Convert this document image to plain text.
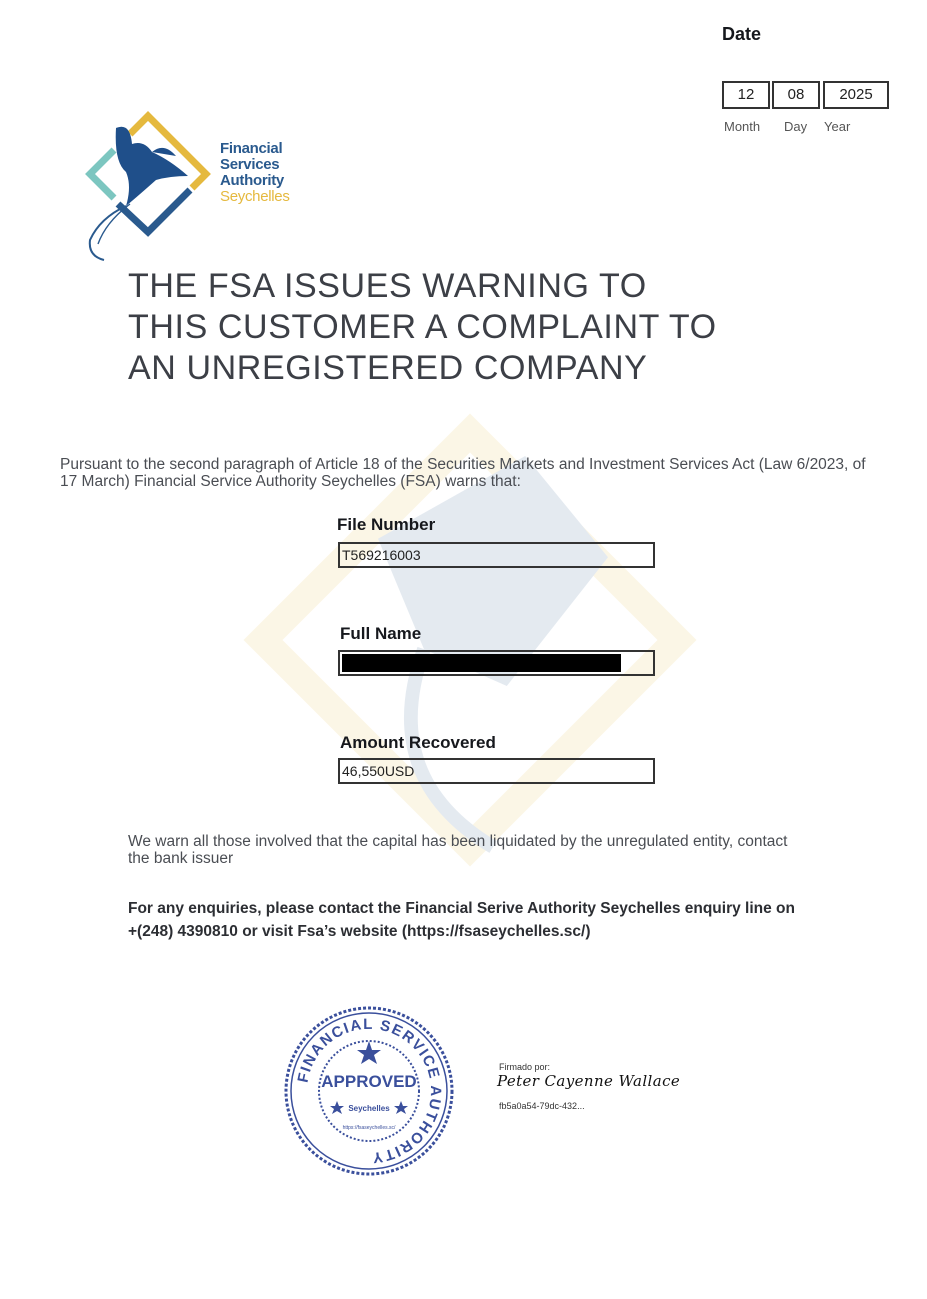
Date
12	08	2025
Month Day Year
Financial
Services
Authority
Seychelles
THE FSA ISSUES WARNING TO THIS CUSTOMER A COMPLAINT TO AN UNREGISTERED COMPANY
Pursuant to the second paragraph of Article 18 of the Securities Markets and Investment Services Act (Law 6/2023, of 17 March) Financial Service Authority Seychelles (FSA) warns that:
File Number
T569216003
Full Name
Amount Recovered
46,550USD
We warn all those involved that the capital has been liquidated by the unregulated entity, contact the bank issuer
For any enquiries, please contact the Financial Serive Authority Seychelles enquiry line on
+(248) 4390810 or visit Fsa’s website (https://fsaseychelles.sc/)
FINANCIAL SERVICE AUTHORITY
APPROVED
Seychelles
https://fsaseychelles.sc/
Firmado por:
Peter Cayenne Wallace
fb5a0a54-79dc-432...
